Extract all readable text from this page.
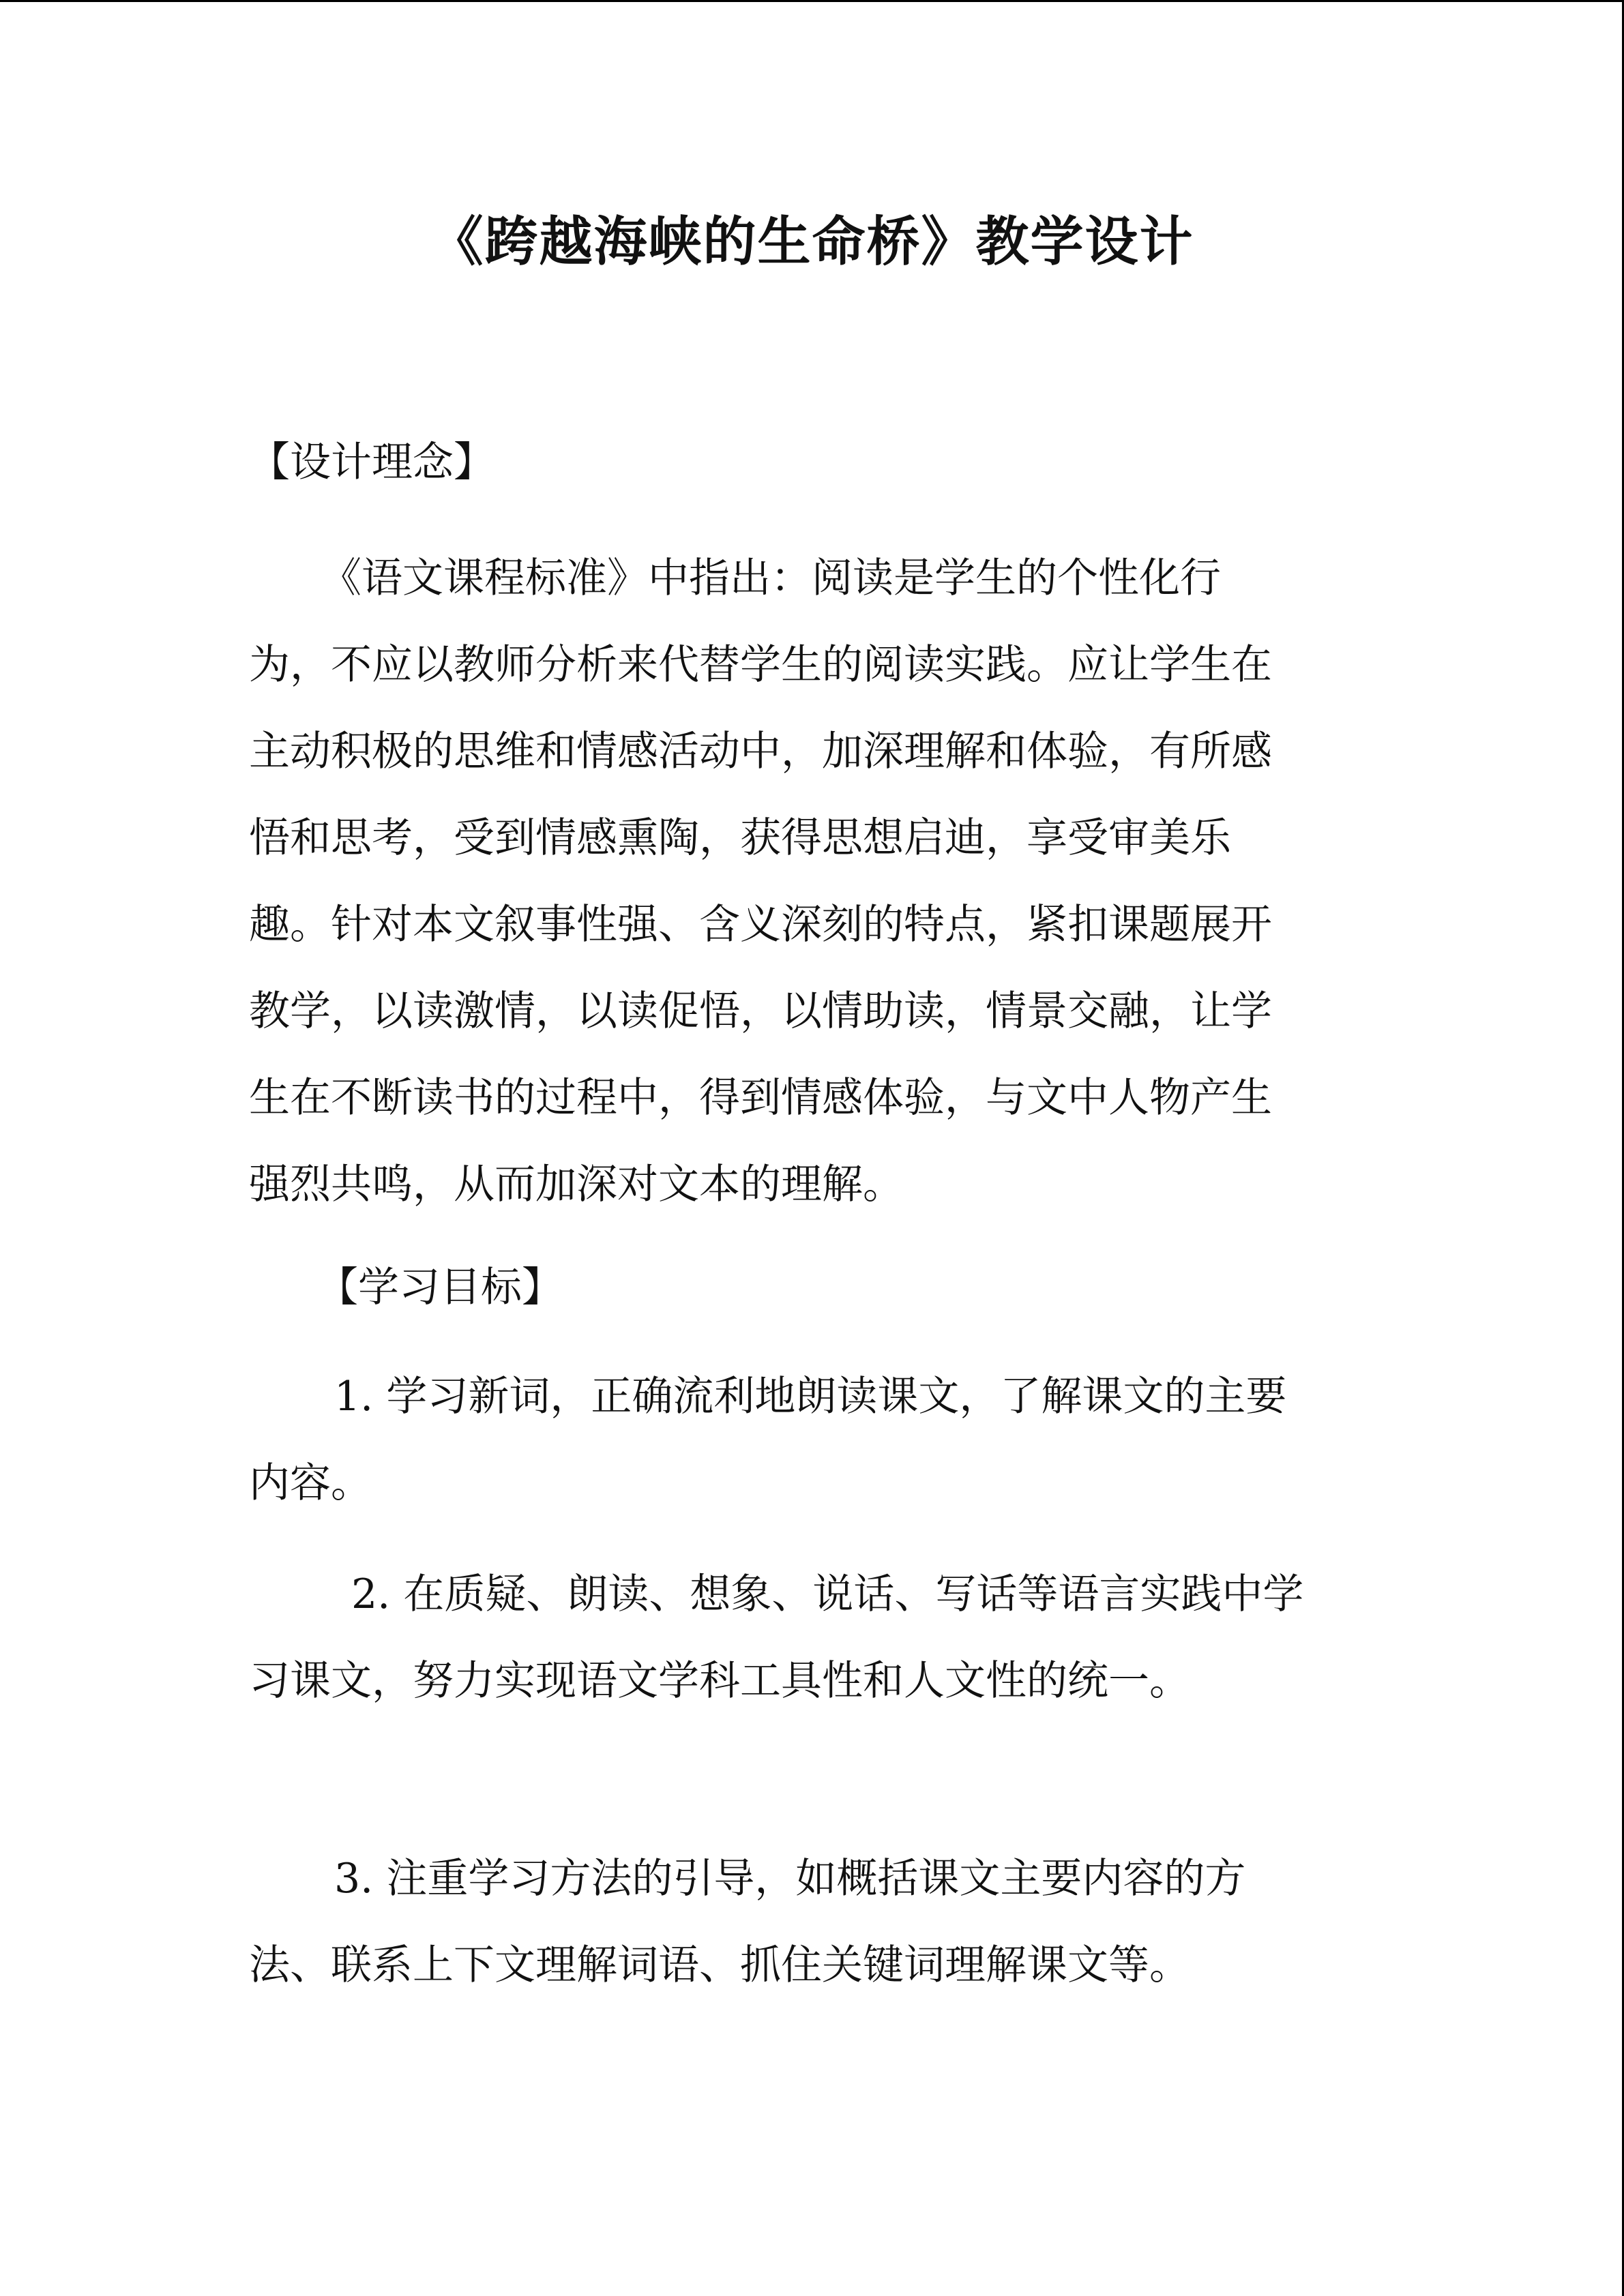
《跨越海峡的生命桥》教学设计
【设计理念】
《语文课程标准》中指出：阅读是学生的个性化行
为，不应以教师分析来代替学生的阅读实践。应让学生在
主动积极的思维和情感活动中，加深理解和体验，有所感
悟和思考，受到情感熏陶，获得思想启迪，享受审美乐
趣。针对本文叙事性强、含义深刻的特点，紧扣课题展开
教学，以读激情，以读促悟，以情助读，情景交融，让学
生在不断读书的过程中，得到情感体验，与文中人物产生
强烈共鸣，从而加深对文本的理解。
【学习目标】
1. 学习新词，正确流利地朗读课文，了解课文的主要
内容。
2. 在质疑、朗读、想象、说话、写话等语言实践中学
习课文，努力实现语文学科工具性和人文性的统一。
3. 注重学习方法的引导，如概括课文主要内容的方
法、联系上下文理解词语、抓住关键词理解课文等。
